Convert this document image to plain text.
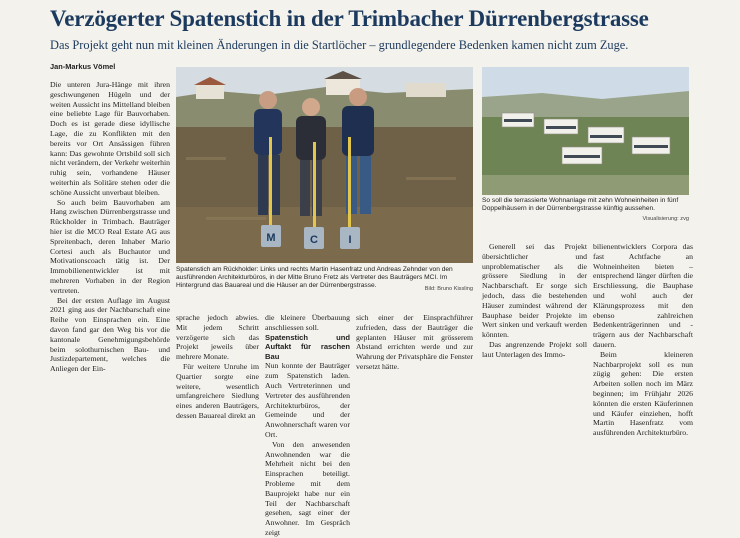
Verzögerter Spatenstich in der Trimbacher Dürrenbergstrasse
Das Projekt geht nun mit kleinen Änderungen in die Startlöcher – grundlegendere Bedenken kamen nicht zum Zuge.
Jan-Markus Vömel

Die unteren Jura-Hänge mit ihren geschwungenen Hügeln und der weiten Aussicht ins Mittelland bleiben eine beliebte Lage für Bauvorhaben. Doch es ist gerade diese idyllische Lage, die zu Konflikten mit den bereits vor Ort Ansässigen führen kann: Das gewohnte Ortsbild soll sich nicht verändern, der Verkehr weiterhin ruhig sein, vorhandene Häuser weiterhin als Solitäre stehen oder die schöne Aussicht unverbaut bleiben.

So auch beim Bauvorhaben am Hang zwischen Dürrenbergstrasse und Rückholder in Trimbach. Bauträger hier ist die MCO Real Estate AG aus Spreitenbach, deren Inhaber Mario Cortesi auch als Buchautor und Motivationscoach tätig ist. Der Immobilienentwickler ist mit mehreren Vorhaben in der Region vertreten.

Bei der ersten Auflage im August 2021 ging aus der Nachbarschaft eine Reihe von Einsprachen ein. Eine davon fand gar den Weg bis vor die kantonale Genehmigungsbehörde beim solothurnischen Bau- und Justizdepartement, welches die Anliegen der Ein-

M	C	I
Spatenstich am Rückholder: Links und rechts Martin Hasenfratz und Andreas Zehnder von den ausführenden Architekturbüros, in der Mitte Bruno Fretz als Vertreter des Bauträgers MCI. Im Hintergrund das Bauareal und die Häuser an der Dürrenbergstrasse.	Bild: Bruno Kissling
So soll die terrassierte Wohnanlage mit zehn Wohneinheiten in fünf Doppelhäusern in der Dürrenbergstrasse künftig aussehen.
Visualisierung: zvg

sprache jedoch abwies. Mit jedem Schritt verzögerte sich das Projekt jeweils über mehrere Monate.

Für weitere Unruhe im Quartier sorgte eine weitere, wesentlich umfangreichere Siedlung eines anderen Bauträgers, dessen Bauareal direkt an

die kleinere Überbauung anschliessen soll.

Spatenstich und Auftakt für raschen Bau

Nun konnte der Bauträger zum Spatenstich laden. Auch Vertreterinnen und Vertreter des ausführenden Architekturbüros, der Gemeinde und der Anwohnerschaft waren vor Ort.

Von den anwesenden Anwohnenden war die Mehrheit nicht bei den Einsprachen beteiligt. Probleme mit dem Bauprojekt habe nur ein Teil der Nachbarschaft gesehen, sagt einer der Anwohner. Im Gespräch zeigt

sich einer der Einsprachführer zufrieden, dass der Bauträger die geplanten Häuser mit grösserem Abstand errichten werde und zur Wahrung der Privatsphäre die Fenster versetzt hätte.

Generell sei das Projekt übersichtlicher und unproblematischer als die grössere Siedlung in der Nachbarschaft. Er sorge sich jedoch, dass die bestehenden Häuser zumindest während der Bauphase beider Projekte im Wert sinken und verkauft werden könnten.

Das angrenzende Projekt soll laut Unterlagen des Immo-

bilienentwicklers Corpora das fast Achtfache an Wohneinheiten bieten – entsprechend länger dürften die Erschliessung, die Bauphase und wohl auch der Klärungsprozess mit den ebenso zahlreichen Bedenkenträgerinnen und -trägern aus der Nachbarschaft dauern.

Beim kleineren Nachbarprojekt soll es nun zügig gehen: Die ersten Arbeiten sollen noch im März beginnen; im Frühjahr 2026 könnten die ersten Käuferinnen und Käufer einziehen, hofft Martin Hasenfratz vom ausführenden Architekturbüro.
